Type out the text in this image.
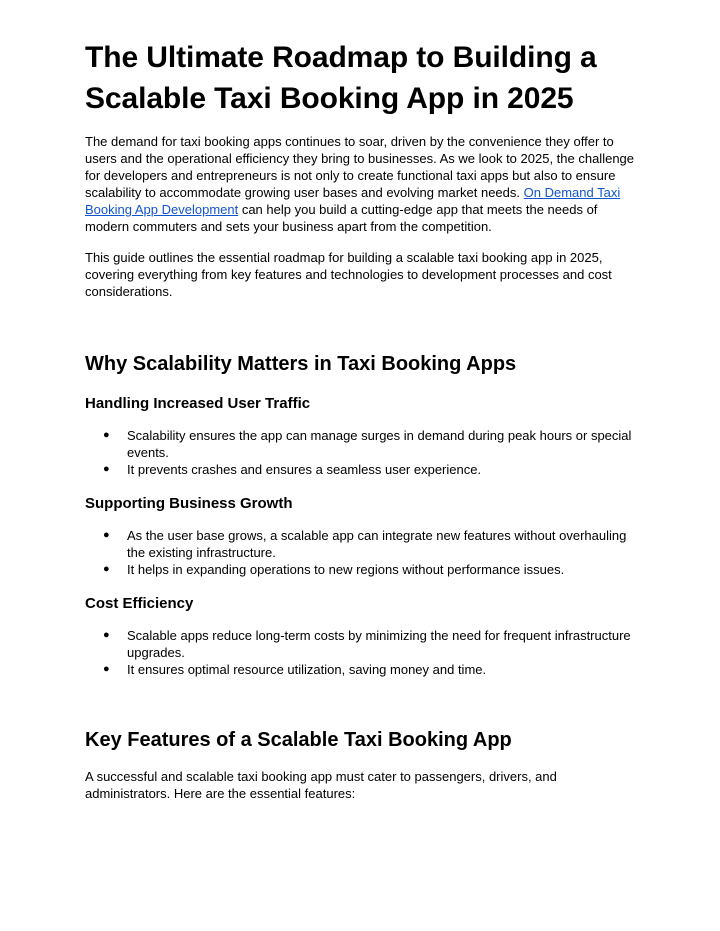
The Ultimate Roadmap to Building a Scalable Taxi Booking App in 2025

The demand for taxi booking apps continues to soar, driven by the convenience they offer to users and the operational efficiency they bring to businesses. As we look to 2025, the challenge for developers and entrepreneurs is not only to create functional taxi apps but also to ensure scalability to accommodate growing user bases and evolving market needs. On Demand Taxi Booking App Development can help you build a cutting-edge app that meets the needs of modern commuters and sets your business apart from the competition.

This guide outlines the essential roadmap for building a scalable taxi booking app in 2025, covering everything from key features and technologies to development processes and cost considerations.

Why Scalability Matters in Taxi Booking Apps
Handling Increased User Traffic
● Scalability ensures the app can manage surges in demand during peak hours or special events.
● It prevents crashes and ensures a seamless user experience.
Supporting Business Growth
● As the user base grows, a scalable app can integrate new features without overhauling the existing infrastructure.
● It helps in expanding operations to new regions without performance issues.
Cost Efficiency
● Scalable apps reduce long-term costs by minimizing the need for frequent infrastructure upgrades.
● It ensures optimal resource utilization, saving money and time.
Key Features of a Scalable Taxi Booking App

A successful and scalable taxi booking app must cater to passengers, drivers, and administrators. Here are the essential features:
